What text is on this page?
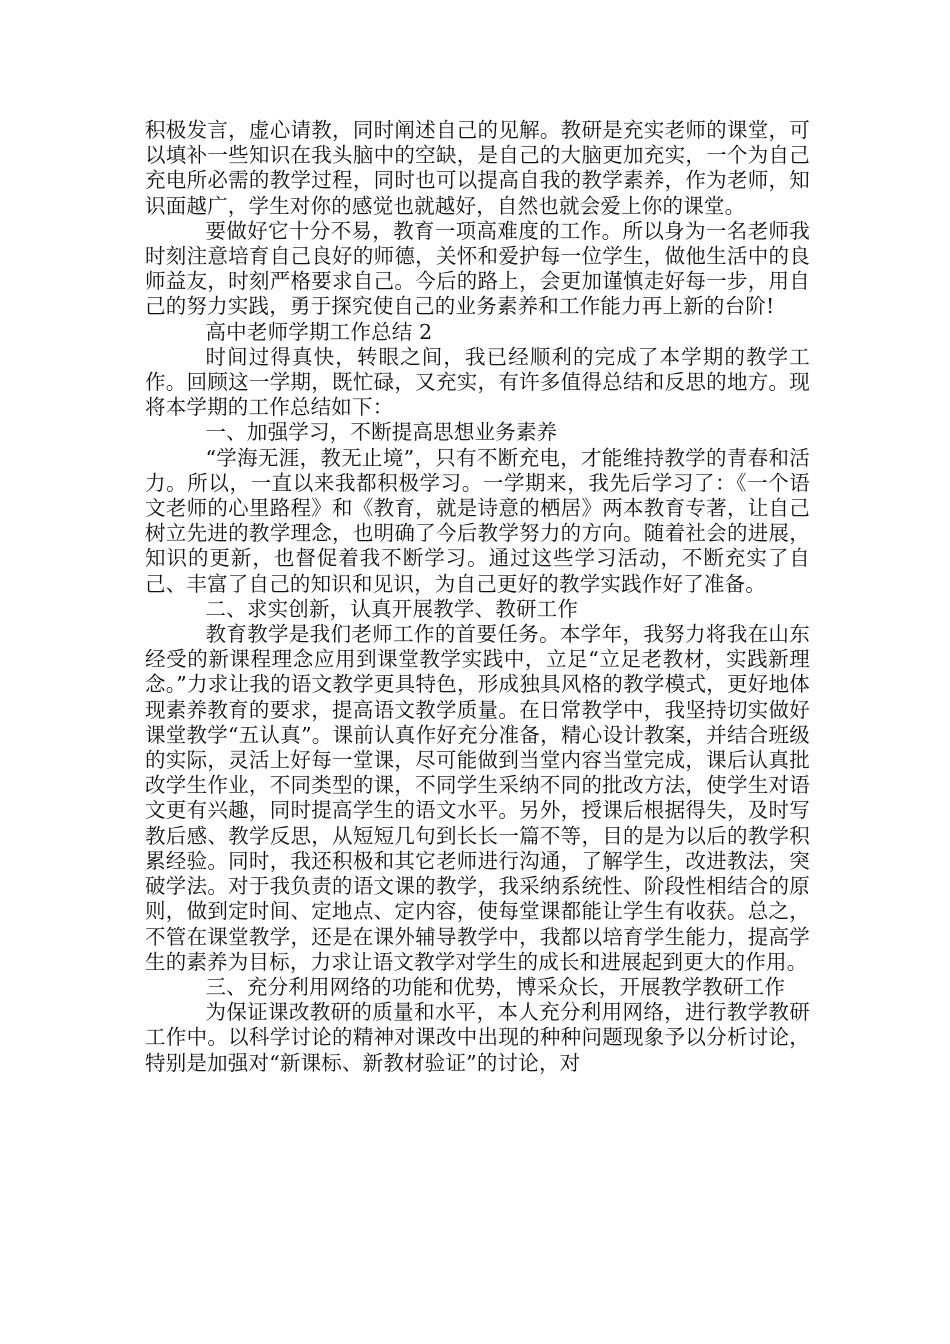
积极发言，虚心请教，同时阐述自己的见解。教研是充实老师的课堂，可以填补一些知识在我头脑中的空缺，是自己的大脑更加充实，一个为自己充电所必需的教学过程，同时也可以提高自我的教学素养，作为老师，知识面越广，学生对你的感觉也就越好，自然也就会爱上你的课堂。

要做好它十分不易，教育一项高难度的工作。所以身为一名老师我时刻注意培育自己良好的师德，关怀和爱护每一位学生，做他生活中的良师益友，时刻严格要求自己。今后的路上，会更加谨慎走好每一步，用自己的努力实践，勇于探究使自己的业务素养和工作能力再上新的台阶!

高中老师学期工作总结 2

时间过得真快，转眼之间，我已经顺利的完成了本学期的教学工作。回顾这一学期，既忙碌，又充实，有许多值得总结和反思的地方。现将本学期的工作总结如下：

一、加强学习，不断提高思想业务素养

“学海无涯，教无止境”，只有不断充电，才能维持教学的青春和活力。所以，一直以来我都积极学习。一学期来，我先后学习了：《一个语文老师的心里路程》和《教育，就是诗意的栖居》两本教育专著，让自己树立先进的教学理念，也明确了今后教学努力的方向。随着社会的进展，知识的更新，也督促着我不断学习。通过这些学习活动，不断充实了自己、丰富了自己的知识和见识，为自己更好的教学实践作好了准备。

二、求实创新，认真开展教学、教研工作

教育教学是我们老师工作的首要任务。本学年，我努力将我在山东经受的新课程理念应用到课堂教学实践中，立足“立足老教材，实践新理念。”力求让我的语文教学更具特色，形成独具风格的教学模式，更好地体现素养教育的要求，提高语文教学质量。在日常教学中，我坚持切实做好课堂教学“五认真”。课前认真作好充分准备，精心设计教案，并结合班级的实际，灵活上好每一堂课，尽可能做到当堂内容当堂完成，课后认真批改学生作业，不同类型的课，不同学生采纳不同的批改方法，使学生对语文更有兴趣，同时提高学生的语文水平。另外，授课后根据得失，及时写教后感、教学反思，从短短几句到长长一篇不等，目的是为以后的教学积累经验。同时，我还积极和其它老师进行沟通，了解学生，改进教法，突破学法。对于我负责的语文课的教学，我采纳系统性、阶段性相结合的原则，做到定时间、定地点、定内容，使每堂课都能让学生有收获。总之，不管在课堂教学，还是在课外辅导教学中，我都以培育学生能力，提高学生的素养为目标，力求让语文教学对学生的成长和进展起到更大的作用。

三、充分利用网络的功能和优势，博采众长，开展教学教研工作

为保证课改教研的质量和水平，本人充分利用网络，进行教学教研工作中。以科学讨论的精神对课改中出现的种种问题现象予以分析讨论，特别是加强对“新课标、新教材验证”的讨论，对
